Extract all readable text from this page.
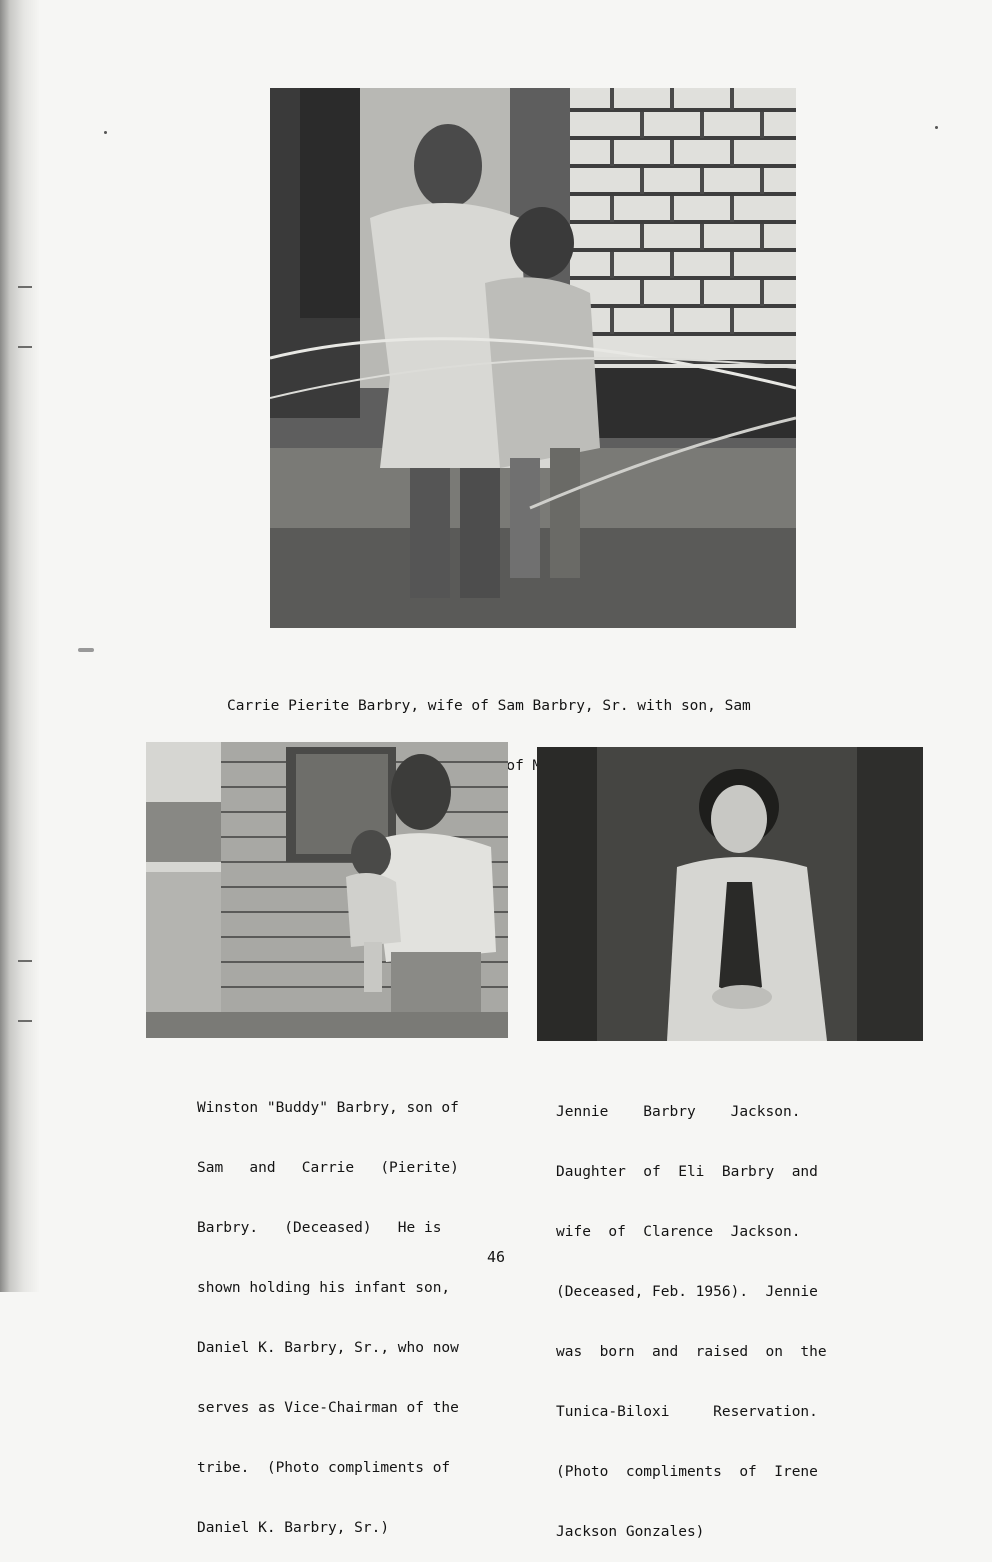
Carrie Pierite Barbry, wife of Sam Barbry, Sr. with son, Sam

of

Winston "Buddy" Barbry, son of

Sam   and   Carrie   (Pierite)

Barbry.   (Deceased)   He is

shown holding his infant son,

Daniel K. Barbry, Sr., who now

serves as Vice-Chairman of the

tribe.  (Photo compliments of

Daniel K. Barbry, Sr.)

Jennie    Barbry    Jackson.

Daughter  of  Eli  Barbry  and

wife  of  Clarence  Jackson.

(Deceased, Feb. 1956).  Jennie

was  born  and  raised  on  the

Tunica-Biloxi     Reservation.

(Photo  compliments  of  Irene

Jackson Gonzales)

46
